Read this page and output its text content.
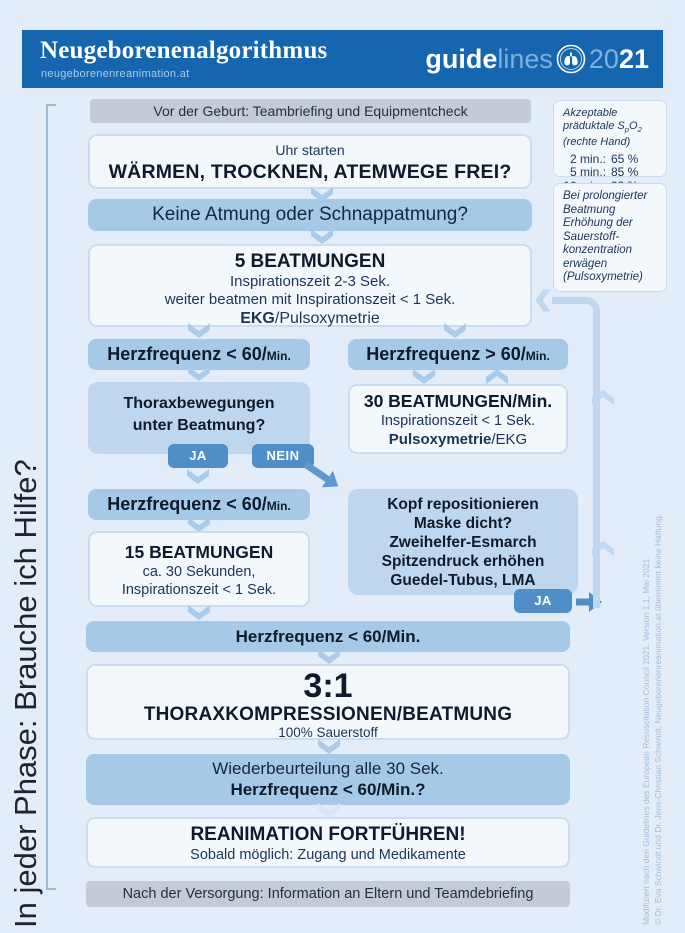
Neugeborenenalgorithmus
neugeborenenreanimation.at
guide lines 20 21
In jeder Phase: Brauche ich Hilfe?
Vor der Geburt: Teambriefing und Equipmentcheck
Uhr starten
WÄRMEN, TROCKNEN, ATEMWEGE FREI?
Keine Atmung oder Schnappatmung?
5 BEATMUNGEN
Inspirationszeit 2-3 Sek.
weiter beatmen mit Inspirationszeit < 1 Sek.
EKG/Pulsoxymetrie
Herzfrequenz < 60/Min.	Herzfrequenz > 60/Min.
Thoraxbewegungen
unter Beatmung?
JA	NEIN
30 BEATMUNGEN/Min.
Inspirationszeit < 1 Sek.
Pulsoxymetrie/EKG
Herzfrequenz < 60/Min.
15 BEATMUNGEN
ca. 30 Sekunden,
Inspirationszeit < 1 Sek.
Kopf repositionieren
Maske dicht?
Zweihelfer-Esmarch
Spitzendruck erhöhen
Guedel-Tubus, LMA
JA
Herzfrequenz < 60/Min.
3:1
THORAXKOMPRESSIONEN/BEATMUNG
100% Sauerstoff
Wiederbeurteilung alle 30 Sek.
Herzfrequenz < 60/Min.?
REANIMATION FORTFÜHREN!
Sobald möglich: Zugang und Medikamente
Nach der Versorgung: Information an Eltern und Teamdebriefing
Akzeptable
präduktale $S_pO_2$
(rechte Hand)
2 min.: 65 %
5 min.: 85 %
Bei prolongierter
Beatmung
Erhöhung der
Sauerstoff-
konzentration
erwägen
(Pulsoxymetrie)
Modifiziert nach den Guidelines des European Resuscitation Council 2021. Version 1.1, Mai 2021 © Dr. Eva Schwindt und Dr. Jens-Christian Schwindt. Neugeborenenreanimation.at übernimmt keine Haftung.
